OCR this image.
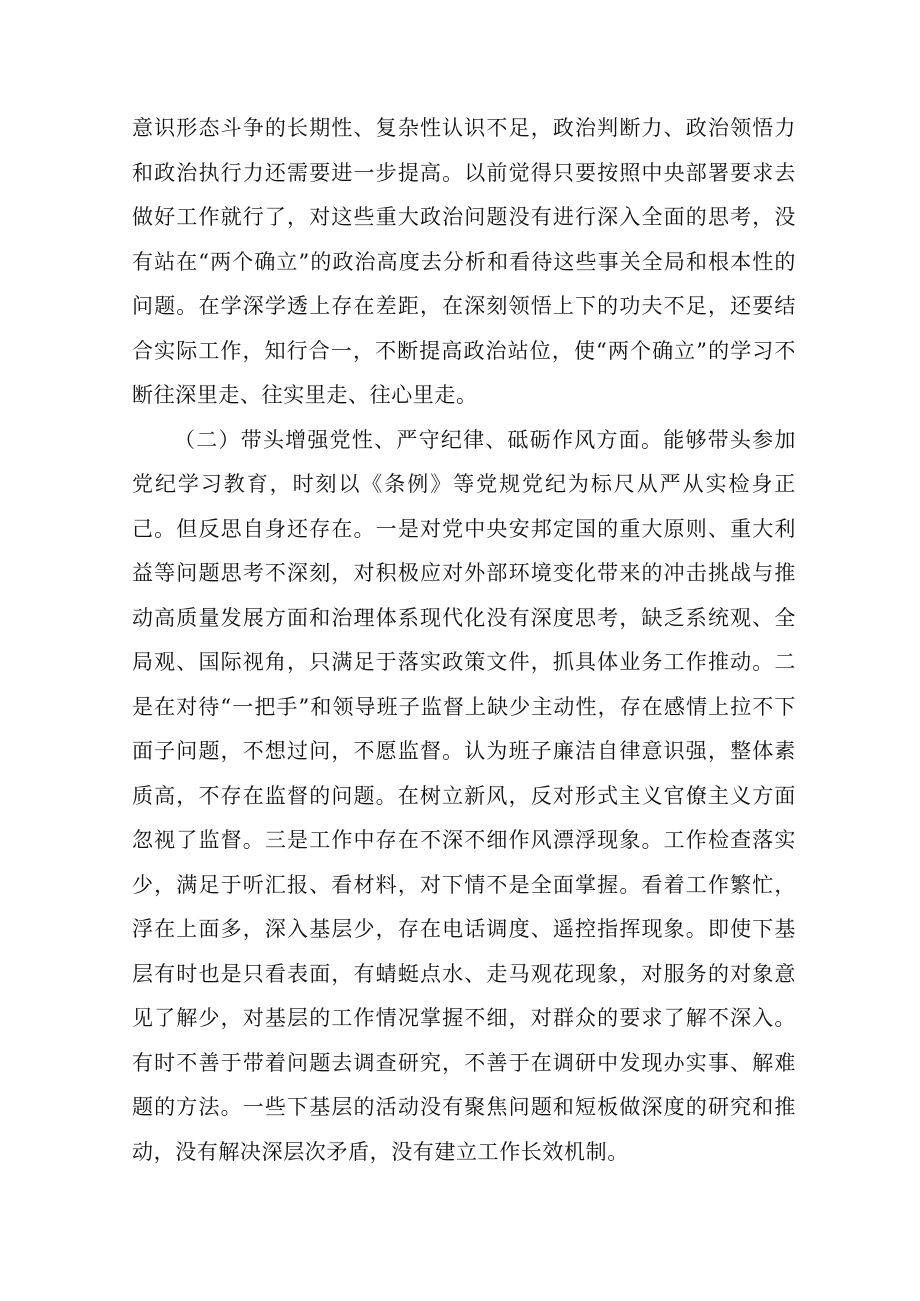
意识形态斗争的长期性、复杂性认识不足，政治判断力、政治领悟力和政治执行力还需要进一步提高。以前觉得只要按照中央部署要求去做好工作就行了，对这些重大政治问题没有进行深入全面的思考，没有站在“两个确立”的政治高度去分析和看待这些事关全局和根本性的问题。在学深学透上存在差距，在深刻领悟上下的功夫不足，还要结合实际工作，知行合一，不断提高政治站位，使“两个确立”的学习不断往深里走、往实里走、往心里走。

（二）带头增强党性、严守纪律、砥砺作风方面。能够带头参加党纪学习教育，时刻以《条例》等党规党纪为标尺从严从实检身正己。但反思自身还存在。一是对党中央安邦定国的重大原则、重大利益等问题思考不深刻，对积极应对外部环境变化带来的冲击挑战与推动高质量发展方面和治理体系现代化没有深度思考，缺乏系统观、全局观、国际视角，只满足于落实政策文件，抓具体业务工作推动。二是在对待“一把手”和领导班子监督上缺少主动性，存在感情上拉不下面子问题，不想过问，不愿监督。认为班子廉洁自律意识强，整体素质高，不存在监督的问题。在树立新风，反对形式主义官僚主义方面忽视了监督。三是工作中存在不深不细作风漂浮现象。工作检查落实少，满足于听汇报、看材料，对下情不是全面掌握。看着工作繁忙，浮在上面多，深入基层少，存在电话调度、遥控指挥现象。即使下基层有时也是只看表面，有蜻蜓点水、走马观花现象，对服务的对象意见了解少，对基层的工作情况掌握不细，对群众的要求了解不深入。有时不善于带着问题去调查研究，不善于在调研中发现办实事、解难题的方法。一些下基层的活动没有聚焦问题和短板做深度的研究和推动，没有解决深层次矛盾，没有建立工作长效机制。
